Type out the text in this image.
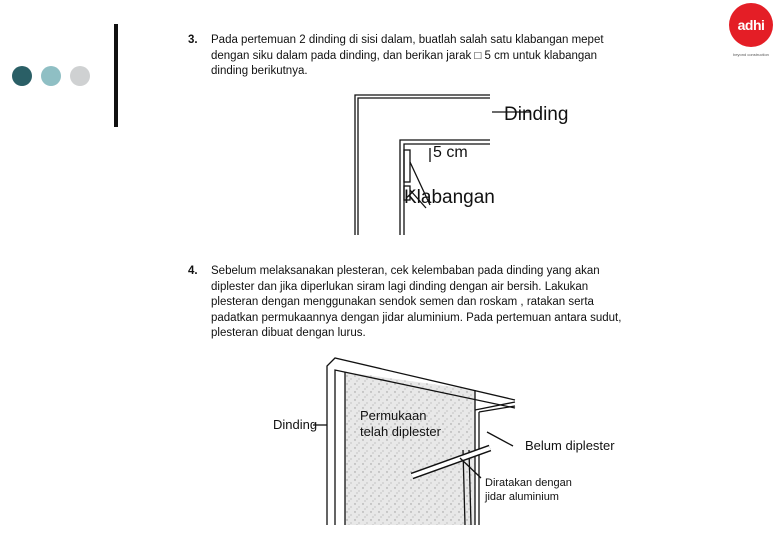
adhi
beyond construction
3. Pada pertemuan 2 dinding di sisi dalam, buatlah salah satu klabangan mepet
dengan siku dalam pada dinding, dan berikan jarak □ 5 cm untuk klabangan
dinding berikutnya.
Dinding
5 cm
Klabangan
4. Sebelum melaksanakan plesteran, cek kelembaban pada dinding yang akan
diplester dan jika diperlukan siram lagi dinding dengan air bersih. Lakukan
plesteran dengan menggunakan sendok semen dan roskam , ratakan serta
padatkan permukaannya dengan jidar aluminium. Pada pertemuan antara sudut,
plesteran dibuat dengan lurus.
Dinding
Permukaan
telah diplester
Belum diplester
Diratakan dengan
jidar aluminium
